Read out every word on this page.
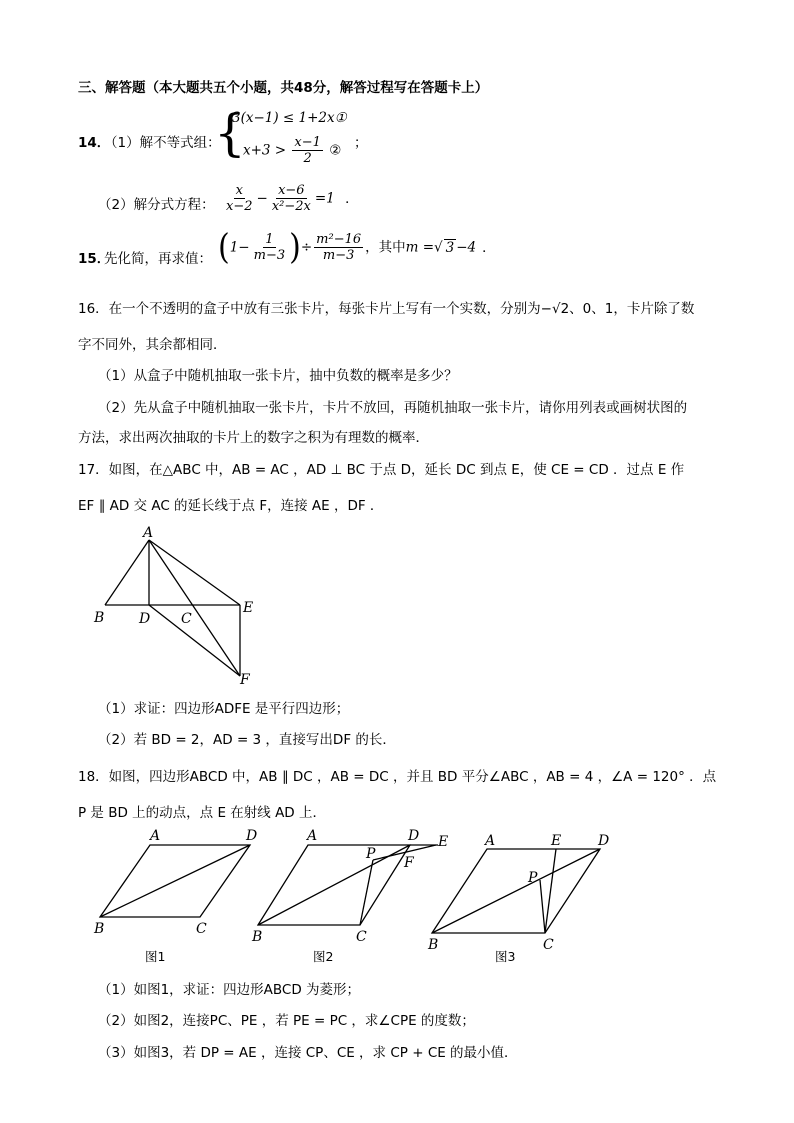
三、解答题（本大题共五个小题，共48分，解答过程写在答题卡上）
14．
（1）解不等式组：
{
3(x−1) ≤ 1+2x①
$x+3 > \frac{x-1}{2}$ ② ；
（2）解分式方程： $\frac{x}{x-2} - \frac{x-6}{\text{x²−2x}} =1$ ．
15．
先化简，再求值： ($1- \frac{1}{m-3}$ )÷ $\frac{\text{m²−16}}{m-3}$ ，其中m =√ 3 −4 ．
16．在一个不透明的盒子中放有三张卡片，每张卡片上写有一个实数，分别为−√2、0、1，卡片除了数
字不同外，其余都相同．
（1）从盒子中随机抽取一张卡片，抽中负数的概率是多少？
（2）先从盒子中随机抽取一张卡片，卡片不放回，再随机抽取一张卡片，请你用列表或画树状图的
方法，求出两次抽取的卡片上的数字之积为有理数的概率．
17．如图，在△ABC 中，AB = AC ，AD ⊥ BC 于点 D，延长 DC 到点 E，使 CE = CD ．过点 E 作
EF ∥ AD 交 AC 的延长线于点 F，连接 AE ，DF ．
A
B D C
E
F
（1）求证：四边形ADFE 是平行四边形；
（2）若 BD = 2，AD = 3 ，直接写出DF 的长．
18．如图，四边形ABCD 中，AB ∥ DC ，AB = DC ，并且 BD 平分∠ABC ，AB = 4 ，∠A = 120° ．点
P 是 BD 上的动点，点 E 在射线 AD 上．
A	D
B	C
图1
A	D E
P
F
B	C
图2
A	E	D
P
B	C
图3
（1）如图1，求证：四边形ABCD 为菱形；
（2）如图2，连接PC、PE ，若 PE = PC ，求∠CPE 的度数；
（3）如图3，若 DP = AE ，连接 CP、CE ，求 CP + CE 的最小值．
